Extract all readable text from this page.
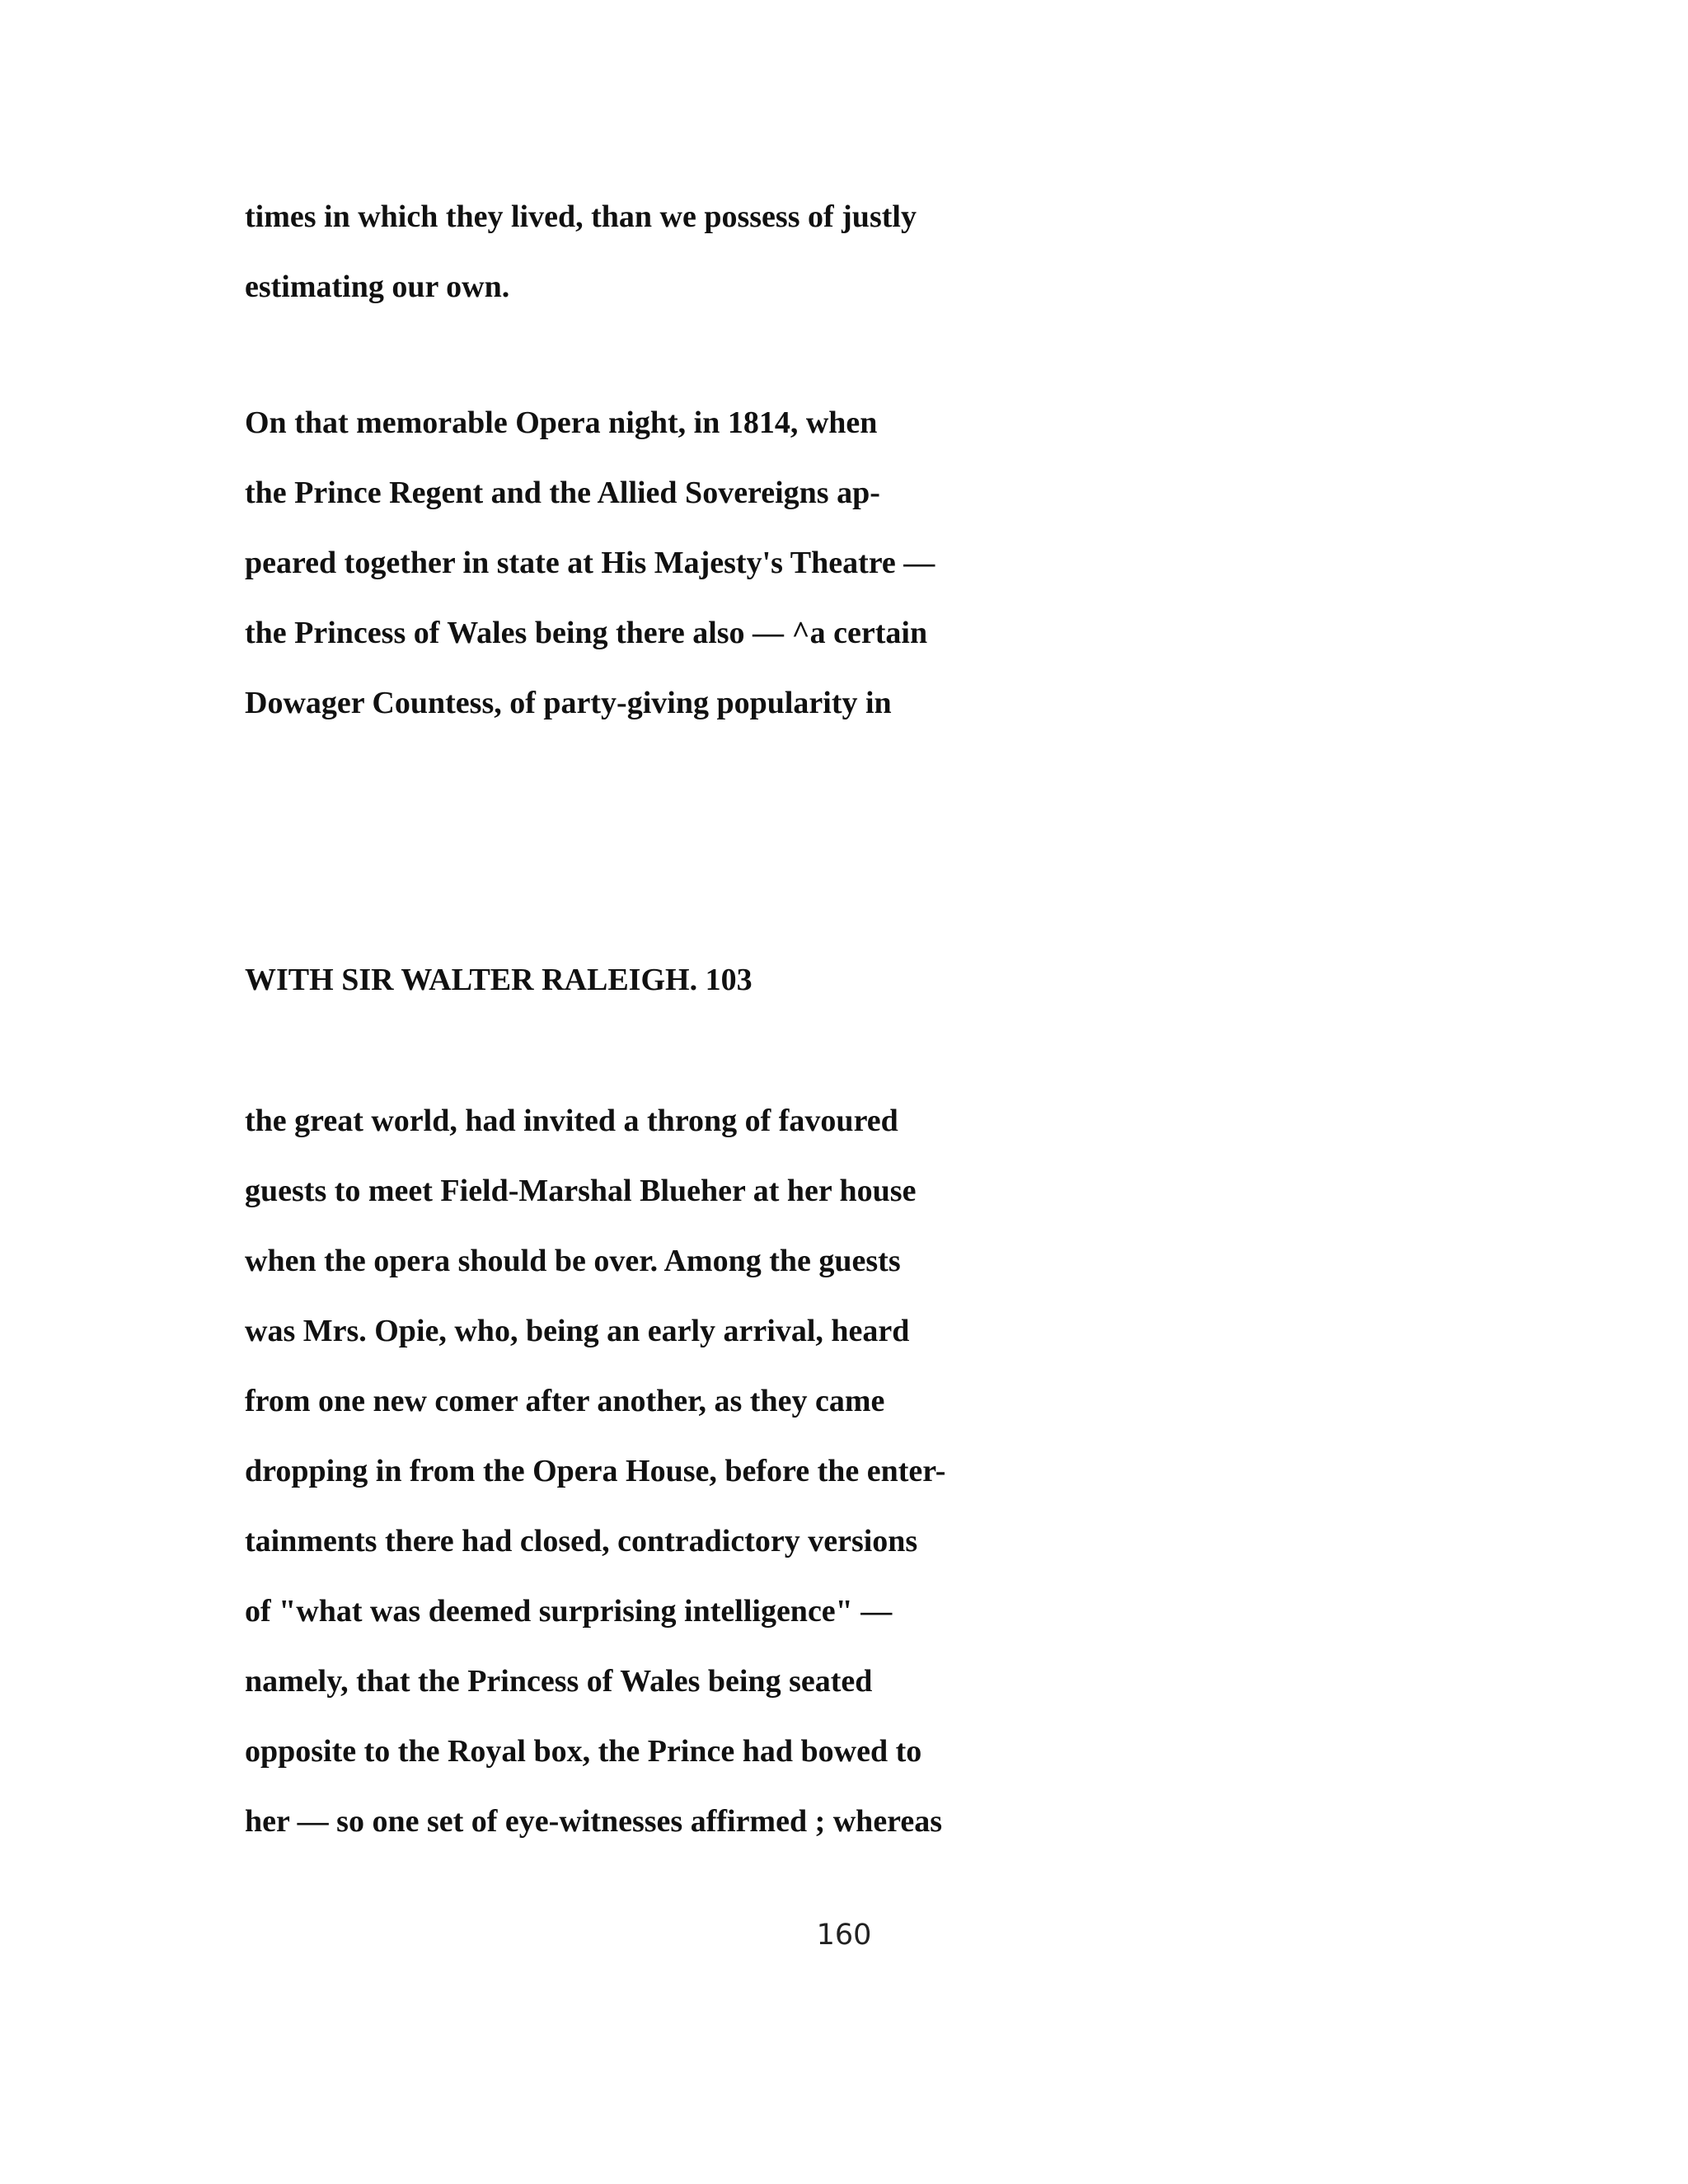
times in which they lived, than we possess of justly

estimating our own.

On that memorable Opera night, in 1814, when

the Prince Regent and the Allied Sovereigns ap-

peared together in state at His Majesty's Theatre —

the Princess of Wales being there also — ^a certain

Dowager Countess, of party-giving popularity in

WITH SIR WALTER RALEIGH. 103

the great world, had invited a throng of favoured

guests to meet Field-Marshal Blueher at her house

when the opera should be over. Among the guests

was Mrs. Opie, who, being an early arrival, heard

from one new comer after another, as they came

dropping in from the Opera House, before the enter-

tainments there had closed, contradictory versions

of "what was deemed surprising intelligence" —

namely, that the Princess of Wales being seated

opposite to the Royal box, the Prince had bowed to

her — so one set of eye-witnesses affirmed ; whereas

160
